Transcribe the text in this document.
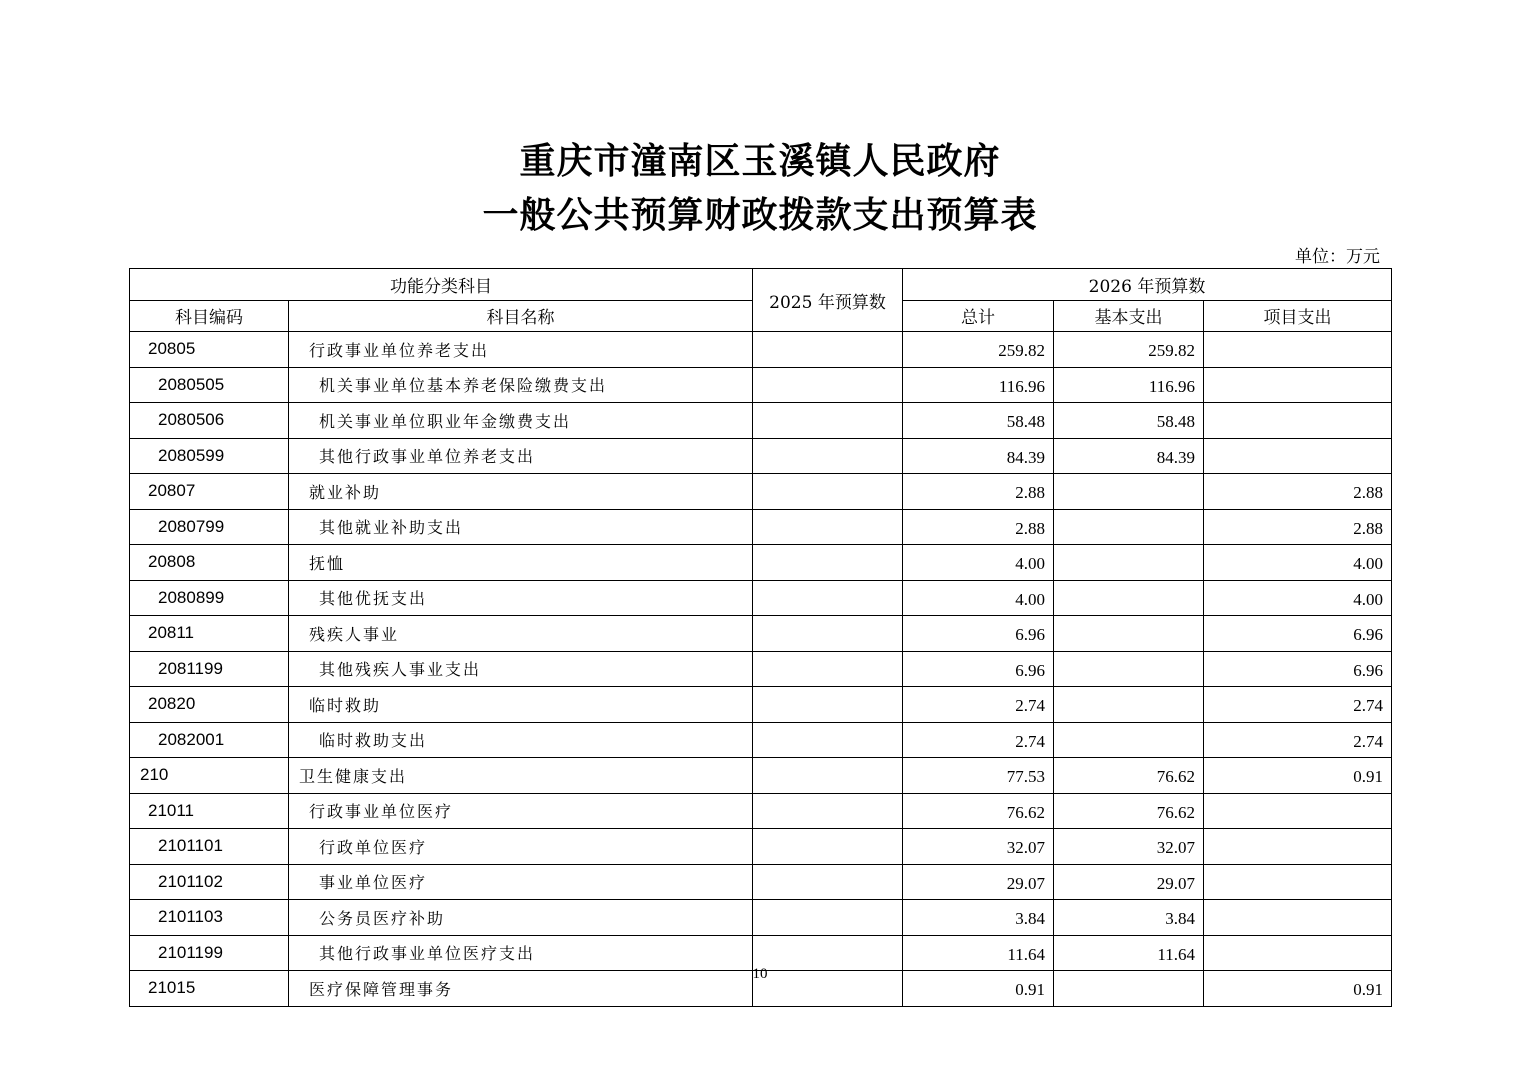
重庆市潼南区玉溪镇人民政府
一般公共预算财政拨款支出预算表
单位：万元
功能分类科目		2025 年预算数	2026 年预算数		
科目编码	科目名称		总计	基本支出	项目支出
20805	行政事业单位养老支出		259.82	259.82	
2080505	机关事业单位基本养老保险缴费支出		116.96	116.96	
2080506	机关事业单位职业年金缴费支出		58.48	58.48	
2080599	其他行政事业单位养老支出		84.39	84.39	
20807	就业补助		2.88		2.88
2080799	其他就业补助支出		2.88		2.88
20808	抚恤		4.00		4.00
2080899	其他优抚支出		4.00		4.00
20811	残疾人事业		6.96		6.96
2081199	其他残疾人事业支出		6.96		6.96
20820	临时救助		2.74		2.74
2082001	临时救助支出		2.74		2.74
210	卫生健康支出		77.53	76.62	0.91
21011	行政事业单位医疗		76.62	76.62	
2101101	行政单位医疗		32.07	32.07	
2101102	事业单位医疗		29.07	29.07	
2101103	公务员医疗补助		3.84	3.84	
2101199	其他行政事业单位医疗支出		11.64	11.64	
21015	医疗保障管理事务		0.91		0.91
10
